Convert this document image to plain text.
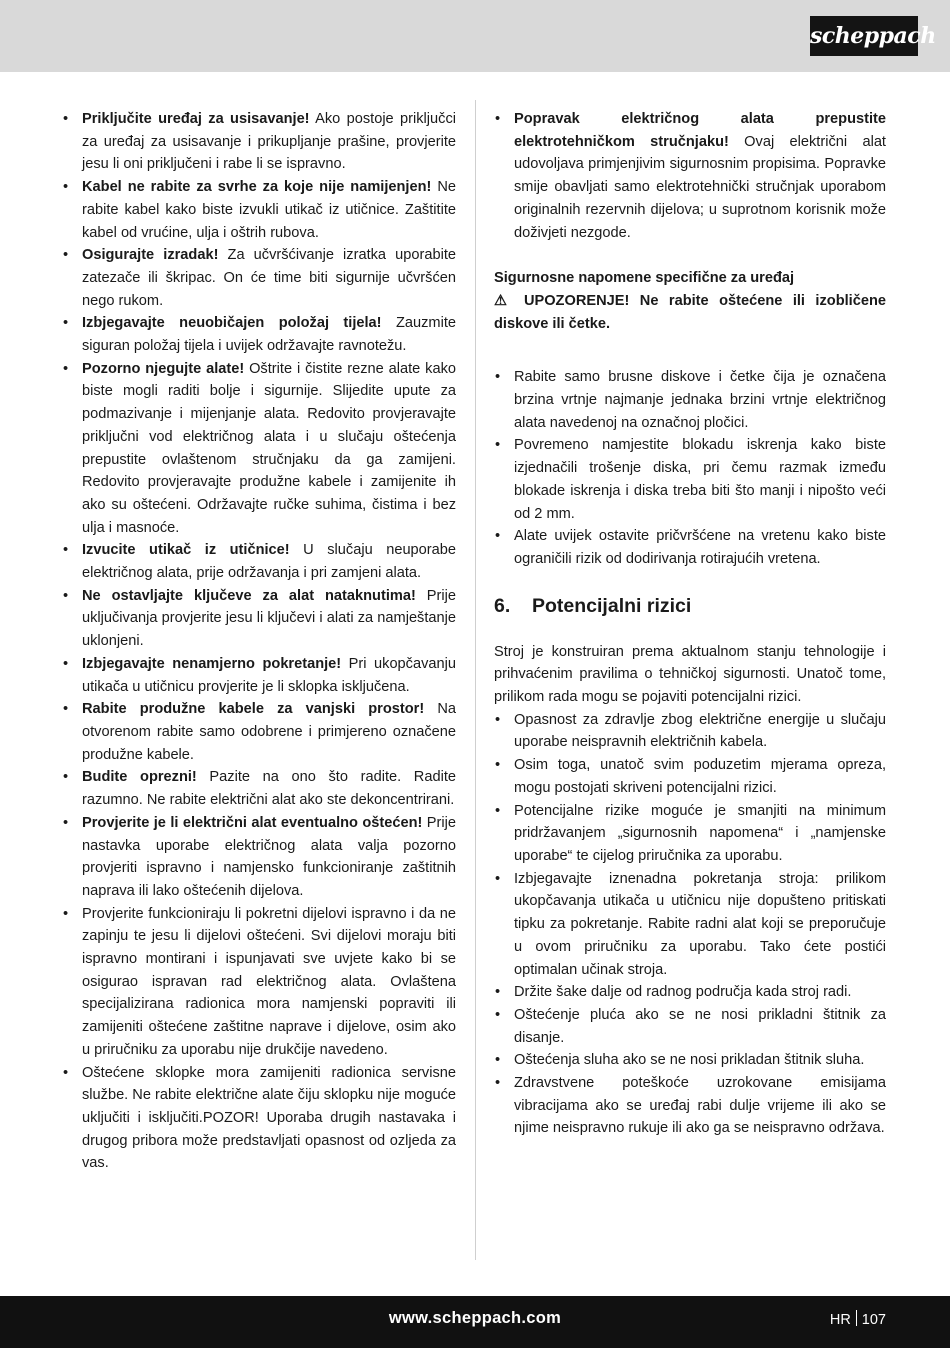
scheppach
• Priključite uređaj za usisavanje! Ako postoje priključci za uređaj za usisavanje i prikupljanje prašine, provjerite jesu li oni priključeni i rabe li se ispravno.
• Kabel ne rabite za svrhe za koje nije namijenjen! Ne rabite kabel kako biste izvukli utikač iz utičnice. Zaštitite kabel od vrućine, ulja i oštrih rubova.
• Osigurajte izradak! Za učvršćivanje izratka uporabite zatezače ili škripac. On će time biti sigurnije učvršćen nego rukom.
• Izbjegavajte neuobičajen položaj tijela! Zauzmite siguran položaj tijela i uvijek održavajte ravnotežu.
• Pozorno njegujte alate! Oštrite i čistite rezne alate kako biste mogli raditi bolje i sigurnije. Slijedite upute za podmazivanje i mijenjanje alata. Redovito provjeravajte priključni vod električnog alata i u slučaju oštećenja prepustite ovlaštenom stručnjaku da ga zamijeni. Redovito provjeravajte produžne kabele i zamijenite ih ako su oštećeni. Održavajte ručke suhima, čistima i bez ulja i masnoće.
• Izvucite utikač iz utičnice! U slučaju neuporabe električnog alata, prije održavanja i pri zamjeni alata.
• Ne ostavljajte ključeve za alat nataknutima! Prije uključivanja provjerite jesu li ključevi i alati za namještanje uklonjeni.
• Izbjegavajte nenamjerno pokretanje! Pri ukopčavanju utikača u utičnicu provjerite je li sklopka isključena.
• Rabite produžne kabele za vanjski prostor! Na otvorenom rabite samo odobrene i primjereno označene produžne kabele.
• Budite oprezni! Pazite na ono što radite. Radite razumno. Ne rabite električni alat ako ste dekoncentrirani.
• Provjerite je li električni alat eventualno oštećen! Prije nastavka uporabe električnog alata valja pozorno provjeriti ispravno i namjensko funkcioniranje zaštitnih naprava ili lako oštećenih dijelova.
• Provjerite funkcioniraju li pokretni dijelovi ispravno i da ne zapinju te jesu li dijelovi oštećeni. Svi dijelovi moraju biti ispravno montirani i ispunjavati sve uvjete kako bi se osigurao ispravan rad električnog alata. Ovlaštena specijalizirana radionica mora namjenski popraviti ili zamijeniti oštećene zaštitne naprave i dijelove, osim ako u priručniku za uporabu nije drukčije navedeno.
• Oštećene sklopke mora zamijeniti radionica servisne službe. Ne rabite električne alate čiju sklopku nije moguće uključiti i isključiti.POZOR! Uporaba drugih nastavaka i drugog pribora može predstavljati opasnost od ozljeda za vas.
• Popravak električnog alata prepustite elektrotehničkom stručnjaku! Ovaj električni alat udovoljava primjenjivim sigurnosnim propisima. Popravke smije obavljati samo elektrotehnički stručnjak uporabom originalnih rezervnih dijelova; u suprotnom korisnik može doživjeti nezgode.

Sigurnosne napomene specifične za uređaj

⚠ UPOZORENJE! Ne rabite oštećene ili izobličene diskove ili četke.

• Rabite samo brusne diskove i četke čija je označena brzina vrtnje najmanje jednaka brzini vrtnje električnog alata navedenoj na označnoj pločici.
• Povremeno namjestite blokadu iskrenja kako biste izjednačili trošenje diska, pri čemu razmak između blokade iskrenja i diska treba biti što manji i nipošto veći od 2 mm.
• Alate uvijek ostavite pričvršćene na vretenu kako biste ograničili rizik od dodirivanja rotirajućih vretena.
6. Potencijalni rizici

Stroj je konstruiran prema aktualnom stanju tehnologije i prihvaćenim pravilima o tehničkoj sigurnosti. Unatoč tome, prilikom rada mogu se pojaviti potencijalni rizici.

• Opasnost za zdravlje zbog električne energije u slučaju uporabe neispravnih električnih kabela.
• Osim toga, unatoč svim poduzetim mjerama opreza, mogu postojati skriveni potencijalni rizici.
• Potencijalne rizike moguće je smanjiti na minimum pridržavanjem „sigurnosnih napomena“ i „namjenske uporabe“ te cijelog priručnika za uporabu.
• Izbjegavajte iznenadna pokretanja stroja: prilikom ukopčavanja utikača u utičnicu nije dopušteno pritiskati tipku za pokretanje. Rabite radni alat koji se preporučuje u ovom priručniku za uporabu. Tako ćete postići optimalan učinak stroja.
• Držite šake dalje od radnog područja kada stroj radi.
• Oštećenje pluća ako se ne nosi prikladni štitnik za disanje.
• Oštećenja sluha ako se ne nosi prikladan štitnik sluha.
• Zdravstvene poteškoće uzrokovane emisijama vibracijama ako se uređaj rabi dulje vrijeme ili ako se njime neispravno rukuje ili ako ga se neispravno održava.
www.scheppach.com	HR 107
